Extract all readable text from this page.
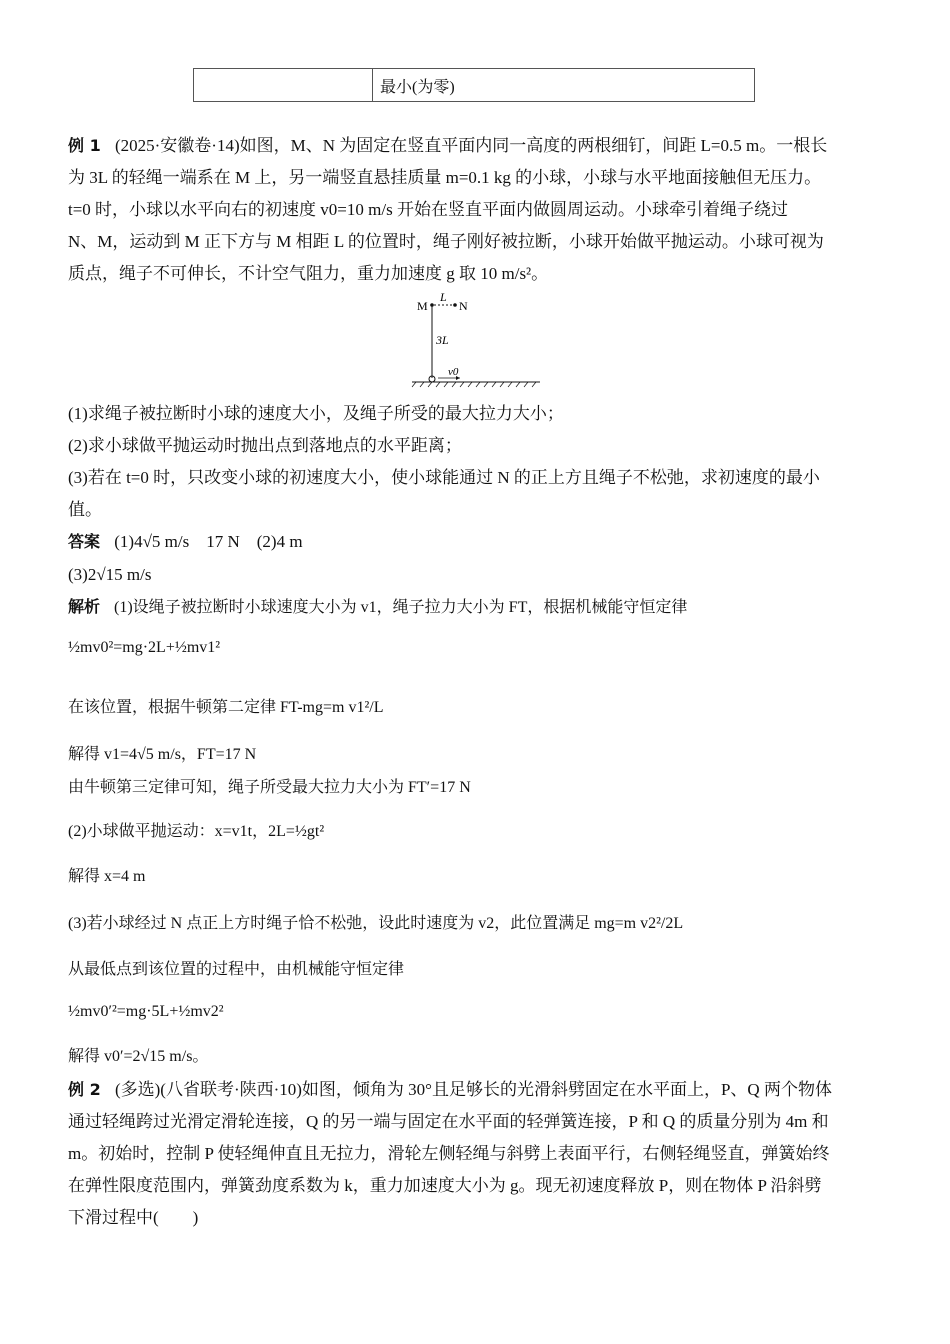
最小(为零)
例 1 (2025·安徽卷·14)如图，M、N 为固定在竖直平面内同一高度的两根细钉，间距 L=0.5 m。一根长
为 3L 的轻绳一端系在 M 上，另一端竖直悬挂质量 m=0.1 kg 的小球，小球与水平地面接触但无压力。
t=0 时，小球以水平向右的初速度 v0=10 m/s 开始在竖直平面内做圆周运动。小球牵引着绳子绕过
N、M，运动到 M 正下方与 M 相距 L 的位置时，绳子刚好被拉断，小球开始做平抛运动。小球可视为
质点，绳子不可伸长，不计空气阻力，重力加速度 g 取 10 m/s²。
M	N
L
3L
v0
(1)求绳子被拉断时小球的速度大小，及绳子所受的最大拉力大小；
(2)求小球做平抛运动时抛出点到落地点的水平距离；
(3)若在 t=0 时，只改变小球的初速度大小，使小球能通过 N 的正上方且绳子不松弛，求初速度的最小
值。
答案 (1)4√5 m/s　17 N　(2)4 m
(3)2√15 m/s
解析 (1)设绳子被拉断时小球速度大小为 v1，绳子拉力大小为 FT，根据机械能守恒定律
½mv0²=mg·2L+½mv1²
在该位置，根据牛顿第二定律 FT-mg=m v1²/L
解得 v1=4√5 m/s，FT=17 N
由牛顿第三定律可知，绳子所受最大拉力大小为 FT′=17 N
(2)小球做平抛运动：x=v1t，2L=½gt²
解得 x=4 m
(3)若小球经过 N 点正上方时绳子恰不松弛，设此时速度为 v2，此位置满足 mg=m v2²/2L
从最低点到该位置的过程中，由机械能守恒定律
½mv0′²=mg·5L+½mv2²
解得 v0′=2√15 m/s。
例 2 (多选)(八省联考·陕西·10)如图，倾角为 30°且足够长的光滑斜劈固定在水平面上，P、Q 两个物体
通过轻绳跨过光滑定滑轮连接，Q 的另一端与固定在水平面的轻弹簧连接，P 和 Q 的质量分别为 4m 和
m。初始时，控制 P 使轻绳伸直且无拉力，滑轮左侧轻绳与斜劈上表面平行，右侧轻绳竖直，弹簧始终
在弹性限度范围内，弹簧劲度系数为 k，重力加速度大小为 g。现无初速度释放 P，则在物体 P 沿斜劈
下滑过程中(　　)
